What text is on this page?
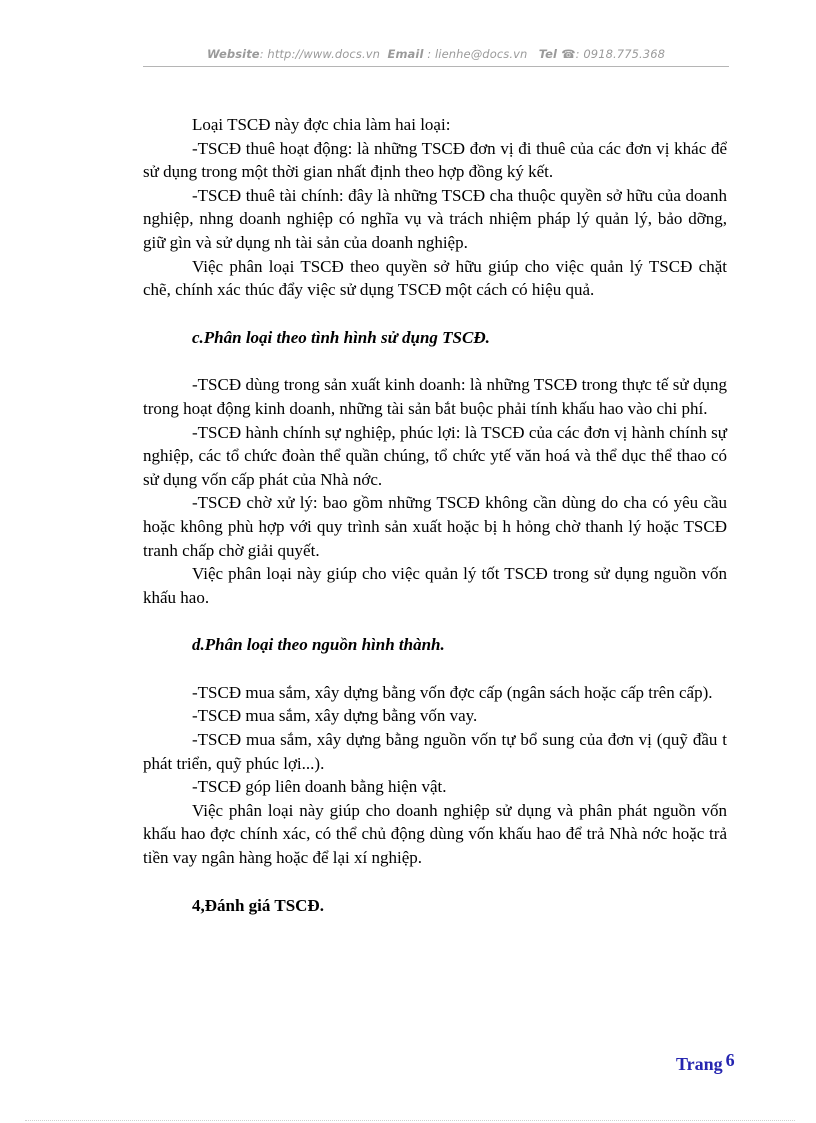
Website: http://www.docs.vn Email : lienhe@docs.vn Tel ☎: 0918.775.368

Loại TSCĐ này đợc chia làm hai loại:

-TSCĐ thuê hoạt động: là những TSCĐ đơn vị đi thuê của các đơn vị khác để sử dụng trong một thời gian nhất định theo hợp đồng ký kết.

-TSCĐ thuê tài chính: đây là những TSCĐ cha thuộc quyền sở hữu của doanh nghiệp, nhng doanh nghiệp có nghĩa vụ và trách nhiệm pháp lý quản lý, bảo dỡng, giữ gìn và sử dụng nh tài sản của doanh nghiệp.

Việc phân loại TSCĐ theo quyền sở hữu giúp cho việc quản lý TSCĐ chặt chẽ, chính xác thúc đẩy việc sử dụng TSCĐ một cách có hiệu quả.

c.Phân loại theo tình hình sử dụng TSCĐ.

-TSCĐ dùng trong sản xuất kinh doanh: là những TSCĐ trong thực tế sử dụng trong hoạt động kinh doanh, những tài sản bắt buộc phải tính khấu hao vào chi phí.

-TSCĐ hành chính sự nghiệp, phúc lợi: là TSCĐ của các đơn vị hành chính sự nghiệp, các tổ chức đoàn thể quần chúng, tổ chức ytế văn hoá và thể dục thể thao có sử dụng vốn cấp phát của Nhà nớc.

-TSCĐ chờ xử lý: bao gồm những TSCĐ không cần dùng do cha có yêu cầu hoặc không phù hợp với quy trình sản xuất hoặc bị h hỏng chờ thanh lý hoặc TSCĐ tranh chấp chờ giải quyết.

Việc phân loại này giúp cho việc quản lý tốt TSCĐ trong sử dụng nguồn vốn khấu hao.

d.Phân loại theo nguồn hình thành.

-TSCĐ mua sắm, xây dựng bằng vốn đợc cấp (ngân sách hoặc cấp trên cấp).

-TSCĐ mua sắm, xây dựng bằng vốn vay.

-TSCĐ mua sắm, xây dựng bằng nguồn vốn tự bổ sung của đơn vị (quỹ đầu t phát triển, quỹ phúc lợi...).

-TSCĐ góp liên doanh bằng hiện vật.

Việc phân loại này giúp cho doanh nghiệp sử dụng và phân phát nguồn vốn khấu hao đợc chính xác, có thể chủ động dùng vốn khấu hao để trả Nhà nớc hoặc trả tiền vay ngân hàng hoặc để lại xí nghiệp.

4,Đánh giá TSCĐ.
Trang 6
